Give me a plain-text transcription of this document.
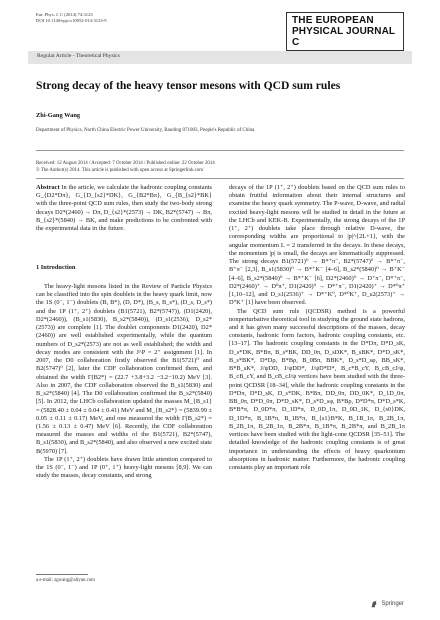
Eur. Phys. J. C (2014) 74:3123
DOI 10.1140/epjc/s10052-014-3123-9	THE EUROPEAN
PHYSICAL JOURNAL C
Regular Article - Theoretical Physics
Strong decay of the heavy tensor mesons with QCD sum rules
Zhi-Gang Wang
Department of Physics, North China Electric Power University, Baoding 071003, People's Republic of China
Received: 12 August 2014 / Accepted: 7 October 2014 / Published online: 22 October 2014
© The Author(s) 2014. This article is published with open access at Springerlink.com
Abstract In the article, we calculate the hadronic coupling constants G_{D2*Dπ}, G_{D_{s2}*DK}, G_{B2*Bπ}, G_{B_{s2}*BK} with the three-point QCD sum rules, then study the two-body strong decays D2*(2460) → Dπ, D_{s2}*(2573) → DK, B2*(5747) → Bπ, B_{s2}*(5840) → BK, and make predictions to be confronted with the experimental data in the future.
1 Introduction

The heavy-light mesons listed in the Review of Particle Physics can be classified into the spin doublets in the heavy quark limit, now the 1S (0⁻, 1⁻) doublets (B, B*), (D, D*), (B_s, B_s*), (D_s, D_s*) and the 1P (1⁺, 2⁺) doublets (B1(5721), B2*(5747)), (D1(2420), D2*(2460)), (B_s1(5830), B_s2*(5840)), (D_s1(2536), D_s2*(2573)) are complete [1]. The doublet components D1(2420), D2*(2460)) are well established experimentally, while the quantum numbers of D_s2*(2573) are not as well established; the width and decay modes are consistent with the J^P = 2⁺ assignment [1]. In 2007, the D0 collaboration firstly observed the B1(5721)⁰ and B2(5747)⁰ [2], later the CDF collaboration confirmed them, and obtained the width Γ(B2*) = (22.7 +3.8+3.2 −3.2−10.2) MeV [3]. Also in 2007, the CDF collaboration observed the B_s1(5830) and B_s2*(5840) [4]. The D0 collaboration confirmed the B_s2*(5840) [5]. In 2012, the LHCb collaboration updated the masses M_{B_s1} = (5828.40 ± 0.04 ± 0.04 ± 0.41) MeV and M_{B_s2*} = (5839.99 ± 0.05 ± 0.11 ± 0.17) MeV, and one measured the width Γ(B_s2*) = (1.56 ± 0.13 ± 0.47) MeV [6]. Recently, the CDF collaboration measured the masses and widths of the B1(5721), B2*(5747), B_s1(5830), and B_s2*(5840), and also observed a new excited state B(5970) [7].

The 1P (1⁺, 2⁺) doublets have drawn little attention compared to the 1S (0⁻, 1⁻) and 1P (0⁺, 1⁺) heavy-light mesons [8,9]. We can study the masses, decay constants, and strong

decays of the 1P (1⁺, 2⁺) doublets based on the QCD sum rules to obtain fruitful information about their internal structures and examine the heavy quark symmetry. The P-wave, D-wave, and radial excited heavy-light mesons will be studied in detail in the future at the LHCb and KEK-B. Experimentally, the strong decays of the 1P (1⁺, 2⁺) doublets take place through relative D-wave, the corresponding widths are proportional to |p|^{2L+1}, with the angular momentum L = 2 transferred in the decays. In these decays, the momentum |p| is small, the decays are kinematically suppressed. The strong decays B1(5721)⁰ → B*⁺π⁻, B2*(5747)⁰ → B*⁺π⁻, B⁺π⁻ [2,3], B_s1(5830)⁰ → B*⁺K⁻ [4–6], B_s2*(5840)⁰ → B⁺K⁻ [4–6], B_s2*(5840)⁰ → B*⁺K⁻ [6], D2*(2460)⁰ → D⁺π⁻, D*⁺π⁻, D2*(2460)⁺ → D⁰π⁺, D1(2420)⁰ → D*⁺π⁻, D1(2420)⁺ → D*⁰π⁺ [1,10–12], and D_s1(2536)⁺ → D*⁺K⁰, D*⁰K⁺, D_s2(2573)⁺ → D⁰K⁺ [1] have been observed.

The QCD sum rule (QCDSR) method is a powerful nonperturbative theoretical tool in studying the ground state hadrons, and it has given many successful descriptions of the masses, decay constants, hadronic form factors, hadronic coupling constants, etc. [13–17]. The hadronic coupling constants in the D*Dπ, D*D_sK, D_s*DK, B*Bπ, B_s*BK, DD_0π, D_sDK*, B_sBK*, D*D_sK*, B_s*BK*, D*Dρ, B*Bρ, B_0Bπ, BBK*, D_s*D_sφ, BB_sK*, B*B_sK*, J/ψDD, J/ψDD*, J/ψD*D*, B_c*B_cΥ, B_cB_cJ/ψ, B_cB_cΥ, and B_cB_cJ/ψ vertices have been studied with the three-point QCDSR [18–34], while the hadronic coupling constants in the D*Dπ, D*D_sK, D_s*DK, B*Bπ, DD_0π, DD_0K*, D_1D_0π, BB_0π, D*D_0π, D*D_sK*, D_s*D_sφ, B*Bρ, D*D*π, D*D_s*K, B*B*π, D_0D*π, D_1D*π, D_0D_1π, D_0D_1K, D_{s0}DK, D_1D*π, B_1B*π, B_1B*π, B_{s1}B*K, B_1B_1π, B_2B_1π, B_2B_1π, B_2B_1π, B_2B*π, B_1B*π, B_2B*π, and B_2B_1π vertices have been studied with the light-cone QCDSR [35–51]. The detailed knowledge of the hadronic coupling constants is of great importance in understanding the effects of heavy quarkonium absorptions in hadronic matter. Furthermore, the hadronic coupling constants play an important role

a e-mail: zgwang@aliyun.com
Springer
